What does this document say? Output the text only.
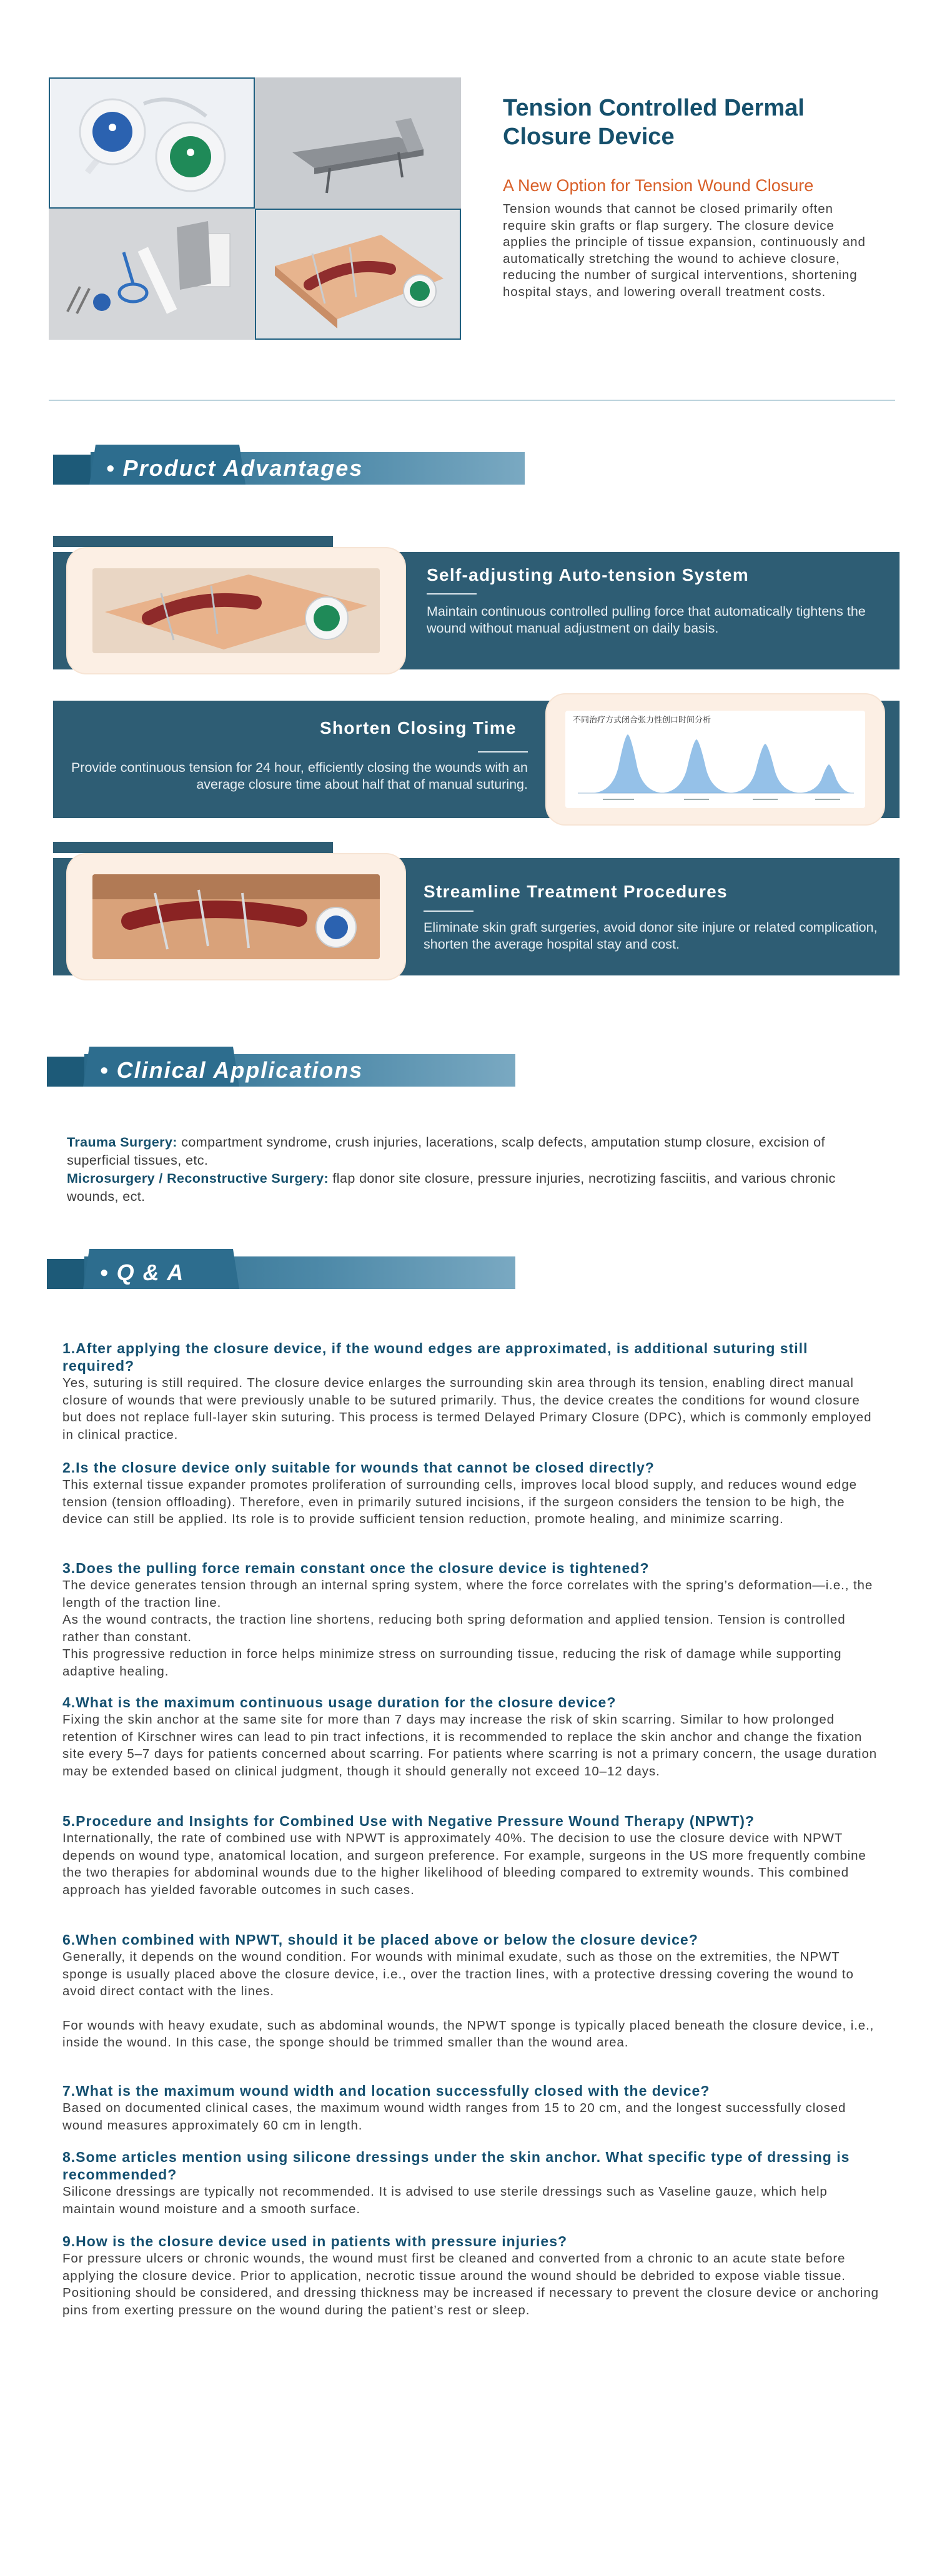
Tension Controlled Dermal
Closure Device
A New Option for Tension Wound Closure
Tension wounds that cannot be closed primarily often require skin grafts or flap surgery. The closure device applies the principle of tissue expansion, continuously and automatically stretching the wound to achieve closure, reducing the number of surgical interventions, shortening hospital stays, and lowering overall treatment costs.
• Product Advantages
Self-adjusting Auto-tension System
Maintain continuous controlled pulling force that automatically tightens the wound without manual adjustment on daily basis.
Shorten Closing Time
Provide continuous tension for 24 hour, efficiently closing the wounds with an average closure time about half that of manual suturing.
不同治疗方式闭合张力性创口时间分析
Streamline Treatment Procedures
Eliminate skin graft surgeries, avoid donor site injure or related complication, shorten the average hospital stay and cost.
• Clinical Applications
Trauma Surgery: compartment syndrome, crush injuries, lacerations, scalp defects, amputation stump closure, excision of superficial tissues, etc.
Microsurgery / Reconstructive Surgery: flap donor site closure, pressure injuries, necrotizing fasciitis, and various chronic wounds, ect.
• Q & A
1.After applying the closure device, if the wound edges are approximated, is additional suturing still required?
Yes, suturing is still required. The closure device enlarges the surrounding skin area through its tension, enabling direct manual closure of wounds that were previously unable to be sutured primarily. Thus, the device creates the conditions for wound closure but does not replace full-layer skin suturing. This process is termed Delayed Primary Closure (DPC), which is commonly employed in clinical practice.
2.Is the closure device only suitable for wounds that cannot be closed directly?
This external tissue expander promotes proliferation of surrounding cells, improves local blood supply, and reduces wound edge tension (tension offloading). Therefore, even in primarily sutured incisions, if the surgeon considers the tension to be high, the device can still be applied. Its role is to provide sufficient tension reduction, promote healing, and minimize scarring.
3.Does the pulling force remain constant once the closure device is tightened?
The device generates tension through an internal spring system, where the force correlates with the spring’s deformation—i.e., the length of the traction line.
As the wound contracts, the traction line shortens, reducing both spring deformation and applied tension. Tension is controlled rather than constant.
This progressive reduction in force helps minimize stress on surrounding tissue, reducing the risk of damage while supporting adaptive healing.
4.What is the maximum continuous usage duration for the closure device?
Fixing the skin anchor at the same site for more than 7 days may increase the risk of skin scarring. Similar to how prolonged retention of Kirschner wires can lead to pin tract infections, it is recommended to replace the skin anchor and change the fixation site every 5–7 days for patients concerned about scarring. For patients where scarring is not a primary concern, the usage duration may be extended based on clinical judgment, though it should generally not exceed 10–12 days.
5.Procedure and Insights for Combined Use with Negative Pressure Wound Therapy (NPWT)?
Internationally, the rate of combined use with NPWT is approximately 40%. The decision to use the closure device with NPWT depends on wound type, anatomical location, and surgeon preference. For example, surgeons in the US more frequently combine the two therapies for abdominal wounds due to the higher likelihood of bleeding compared to extremity wounds. This combined approach has yielded favorable outcomes in such cases.
6.When combined with NPWT, should it be placed above or below the closure device?
Generally, it depends on the wound condition. For wounds with minimal exudate, such as those on the extremities, the NPWT sponge is usually placed above the closure device, i.e., over the traction lines, with a protective dressing covering the wound to avoid direct contact with the lines.
For wounds with heavy exudate, such as abdominal wounds, the NPWT sponge is typically placed beneath the closure device, i.e., inside the wound. In this case, the sponge should be trimmed smaller than the wound area.
7.What is the maximum wound width and location successfully closed with the device?
Based on documented clinical cases, the maximum wound width ranges from 15 to 20 cm, and the longest successfully closed wound measures approximately 60 cm in length.
8.Some articles mention using silicone dressings under the skin anchor. What specific type of dressing is recommended?
Silicone dressings are typically not recommended. It is advised to use sterile dressings such as Vaseline gauze, which help maintain wound moisture and a smooth surface.
9.How is the closure device used in patients with pressure injuries?
For pressure ulcers or chronic wounds, the wound must first be cleaned and converted from a chronic to an acute state before applying the closure device. Prior to application, necrotic tissue around the wound should be debrided to expose viable tissue. Positioning should be considered, and dressing thickness may be increased if necessary to prevent the closure device or anchoring pins from exerting pressure on the wound during the patient’s rest or sleep.
